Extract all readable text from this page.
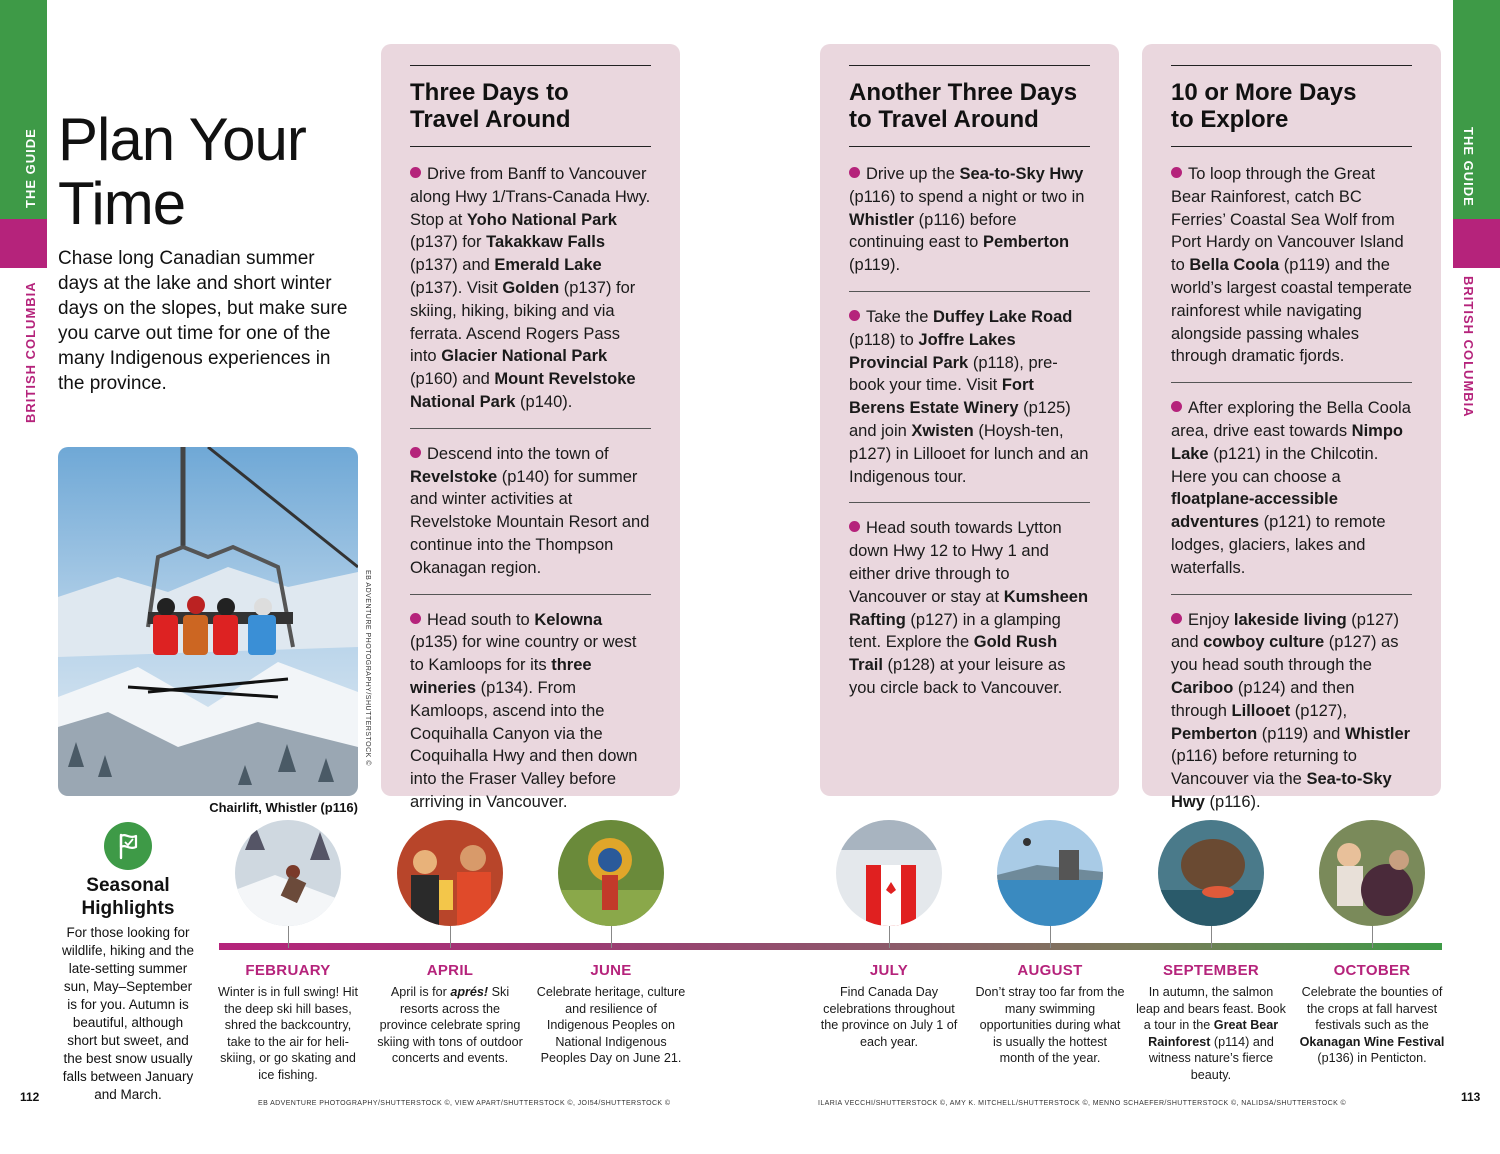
THE GUIDE
BRITISH COLUMBIA
THE GUIDE
BRITISH COLUMBIA
Plan Your
Time

Chase long Canadian summer days at the lake and short winter days on the slopes, but make sure you carve out time for one of the many Indigenous experiences in the province.

EB ADVENTURE PHOTOGRAPHY/SHUTTERSTOCK ©
Chairlift, Whistler (p116)
Three Days to
Travel Around

Drive from Banff to Vancouver along Hwy 1/Trans-Canada Hwy. Stop at Yoho National Park (p137) for Takakkaw Falls (p137) and Emerald Lake (p137). Visit Golden (p137) for skiing, hiking, biking and via ferrata. Ascend Rogers Pass into Glacier National Park (p160) and Mount Revelstoke National Park (p140).

Descend into the town of Revelstoke (p140) for summer and winter activities at Revelstoke Mountain Resort and continue into the Thompson Okanagan region.

Head south to Kelowna (p135) for wine country or west to Kamloops for its three wineries (p134). From Kamloops, ascend into the Coquihalla Canyon via the Coquihalla Hwy and then down into the Fraser Valley before arriving in Vancouver.

Another Three Days
to Travel Around

Drive up the Sea-to-Sky Hwy (p116) to spend a night or two in Whistler (p116) before continuing east to Pemberton (p119).

Take the Duffey Lake Road (p118) to Joffre Lakes Provincial Park (p118), pre-book your time. Visit Fort Berens Estate Winery (p125) and join Xwisten (Hoysh-ten, p127) in Lillooet for lunch and an Indigenous tour.

Head south towards Lytton down Hwy 12 to Hwy 1 and either drive through to Vancouver or stay at Kumsheen Rafting (p127) in a glamping tent. Explore the Gold Rush Trail (p128) at your leisure as you circle back to Vancouver.

10 or More Days
to Explore

To loop through the Great Bear Rainforest, catch BC Ferries’ Coastal Sea Wolf from Port Hardy on Vancouver Island to Bella Coola (p119) and the world’s largest coastal temperate rainforest while navigating alongside passing whales through dramatic fjords.

After exploring the Bella Coola area, drive east towards Nimpo Lake (p121) in the Chilcotin. Here you can choose a floatplane-accessible adventures (p121) to remote lodges, glaciers, lakes and waterfalls.

Enjoy lakeside living (p127) and cowboy culture (p127) as you head south through the Cariboo (p124) and then through Lillooet (p127), Pemberton (p119) and Whistler (p116) before returning to Vancouver via the Sea-to-Sky Hwy (p116).

Seasonal
Highlights
For those looking for wildlife, hiking and the late-setting summer sun, May–September is for you. Autumn is beautiful, although short but sweet, and the best snow usually falls between January and March.
FEBRUARY
Winter is in full swing! Hit the deep ski hill bases, shred the backcountry, take to the air for heli-skiing, or go skating and ice fishing.
APRIL
April is for aprés! Ski resorts across the province celebrate spring skiing with tons of outdoor concerts and events.
JUNE
Celebrate heritage, culture and resilience of Indigenous Peoples on National Indigenous Peoples Day on June 21.
JULY
Find Canada Day celebrations throughout the province on July 1 of each year.
AUGUST
Don’t stray too far from the many swimming opportunities during what is usually the hottest month of the year.
SEPTEMBER
In autumn, the salmon leap and bears feast. Book a tour in the Great Bear Rainforest (p114) and witness nature’s fierce beauty.
OCTOBER
Celebrate the bounties of the crops at fall harvest festivals such as the Okanagan Wine Festival (p136) in Penticton.
112	113
EB ADVENTURE PHOTOGRAPHY/SHUTTERSTOCK ©, VIEW APART/SHUTTERSTOCK ©, JOI54/SHUTTERSTOCK ©	ILARIA VECCHI/SHUTTERSTOCK ©, AMY K. MITCHELL/SHUTTERSTOCK ©, MENNO SCHAEFER/SHUTTERSTOCK ©, NALIDSA/SHUTTERSTOCK ©
